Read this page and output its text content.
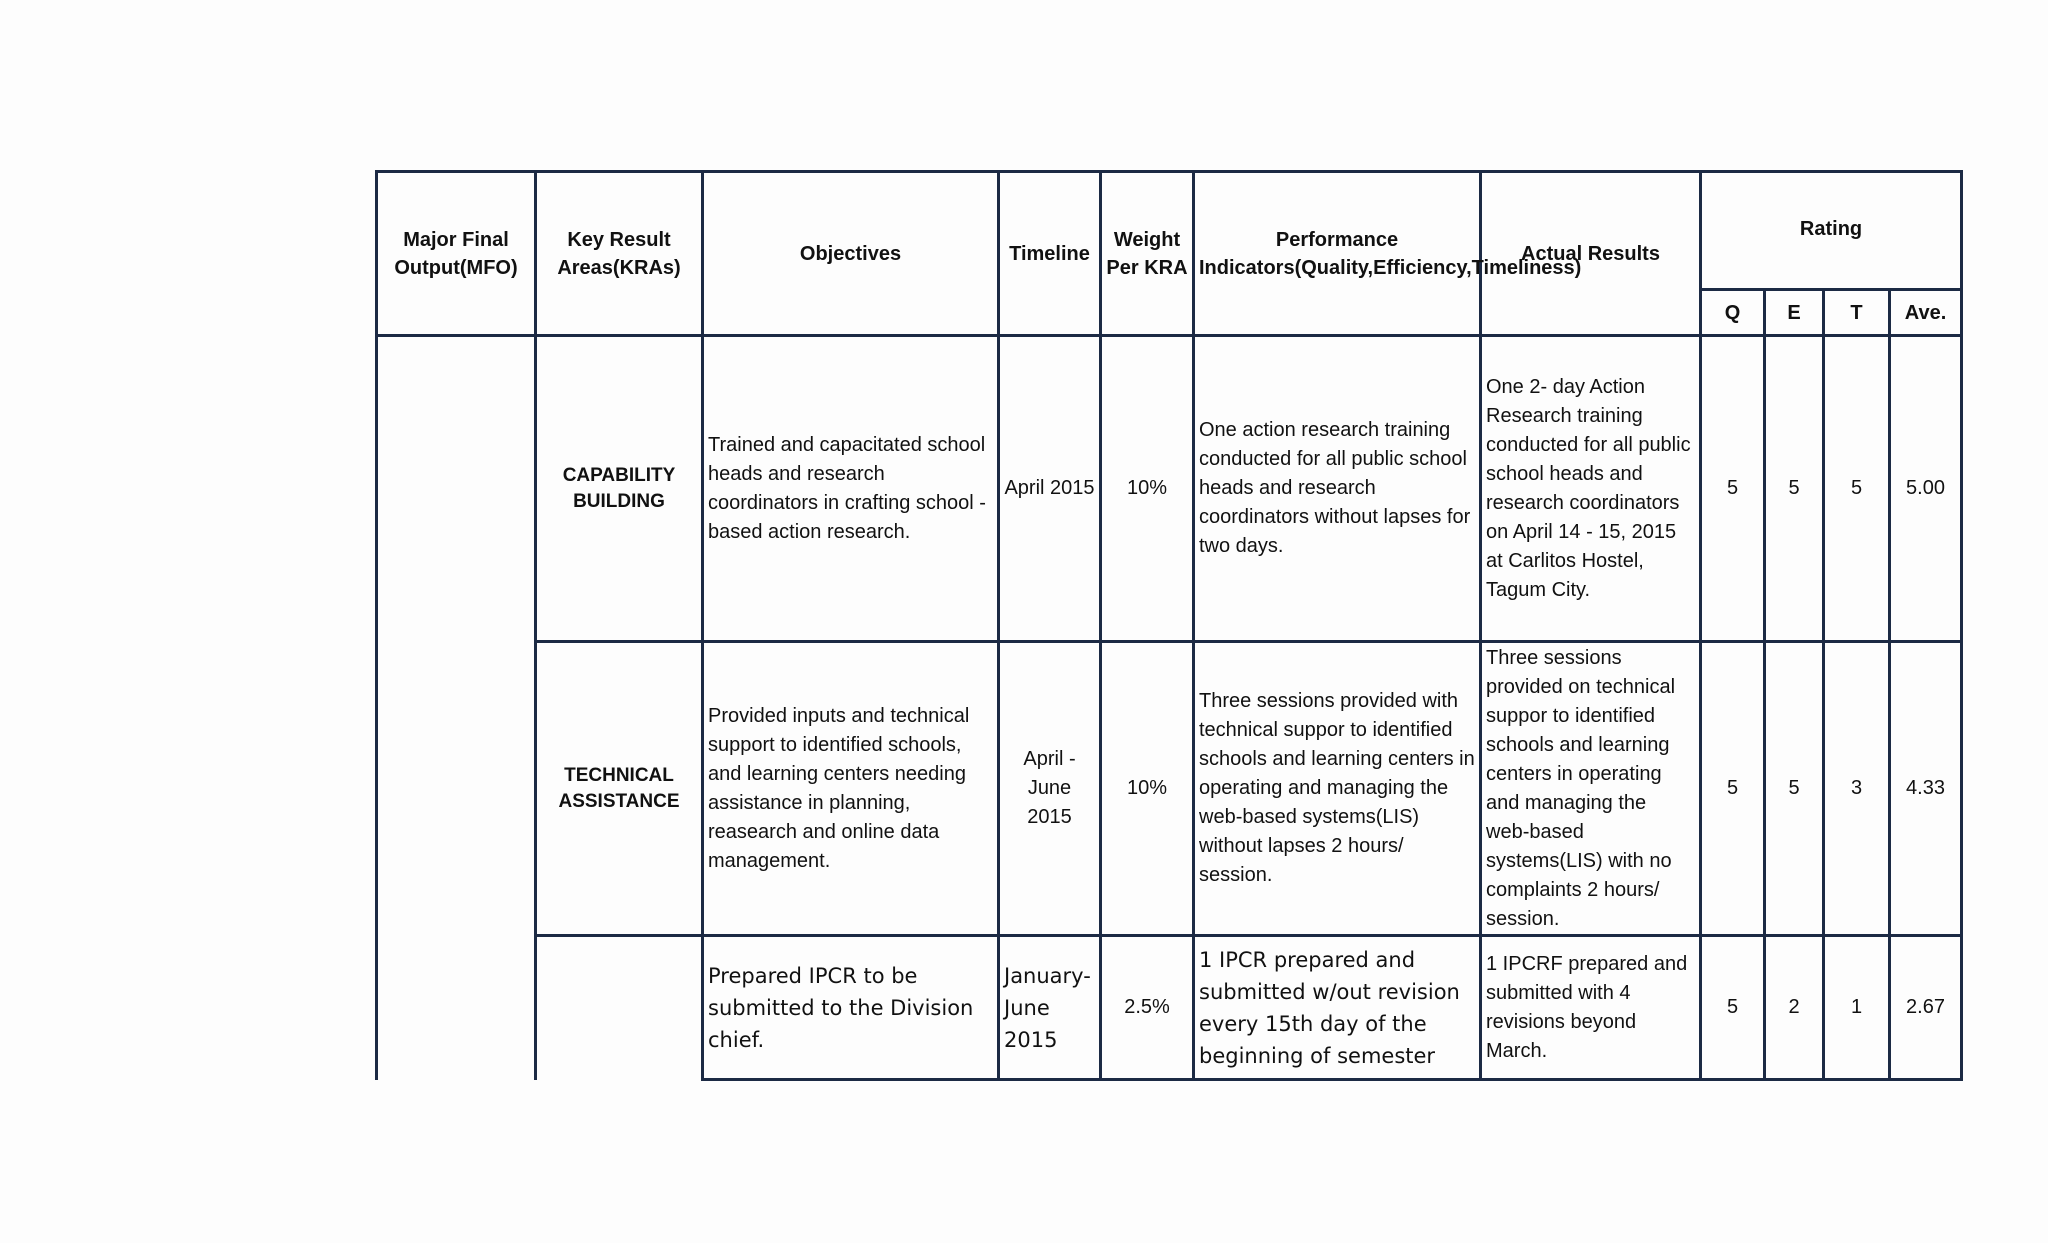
Major Final Output(MFO)	Key Result Areas(KRAs)	Objectives	Timeline	Weight Per KRA	Performance Indicators(Quality,Efficiency,Timeliness)	Actual Results	Rating			
							Q	E	T	Ave.
	CAPABILITY BUILDING	Trained and capacitated school heads and research coordinators in crafting school - based action research.	April 2015	10%	One action research training conducted for all public school heads and research coordinators without lapses for two days.	One 2- day Action Research training conducted for all public school heads and research coordinators on April 14 - 15, 2015 at Carlitos Hostel, Tagum City.	5	5	5	5.00
	TECHNICAL ASSISTANCE	Provided inputs and technical support to identified schools, and learning centers needing assistance in planning, reasearch and online data management.	April - June 2015	10%	Three sessions provided with technical suppor to identified schools and learning centers in operating and managing the web-based systems(LIS) without lapses 2 hours/ session.	Three sessions provided on technical suppor to identified schools and learning centers in operating and managing the web-based systems(LIS) with no complaints 2 hours/ session.	5	5	3	4.33
		Prepared IPCR to be submitted to the Division chief.	January-June 2015	2.5%	1 IPCR prepared and submitted w/out revision every 15th day of the beginning of semester	1 IPCRF prepared and submitted with 4 revisions beyond March.	5	2	1	2.67
